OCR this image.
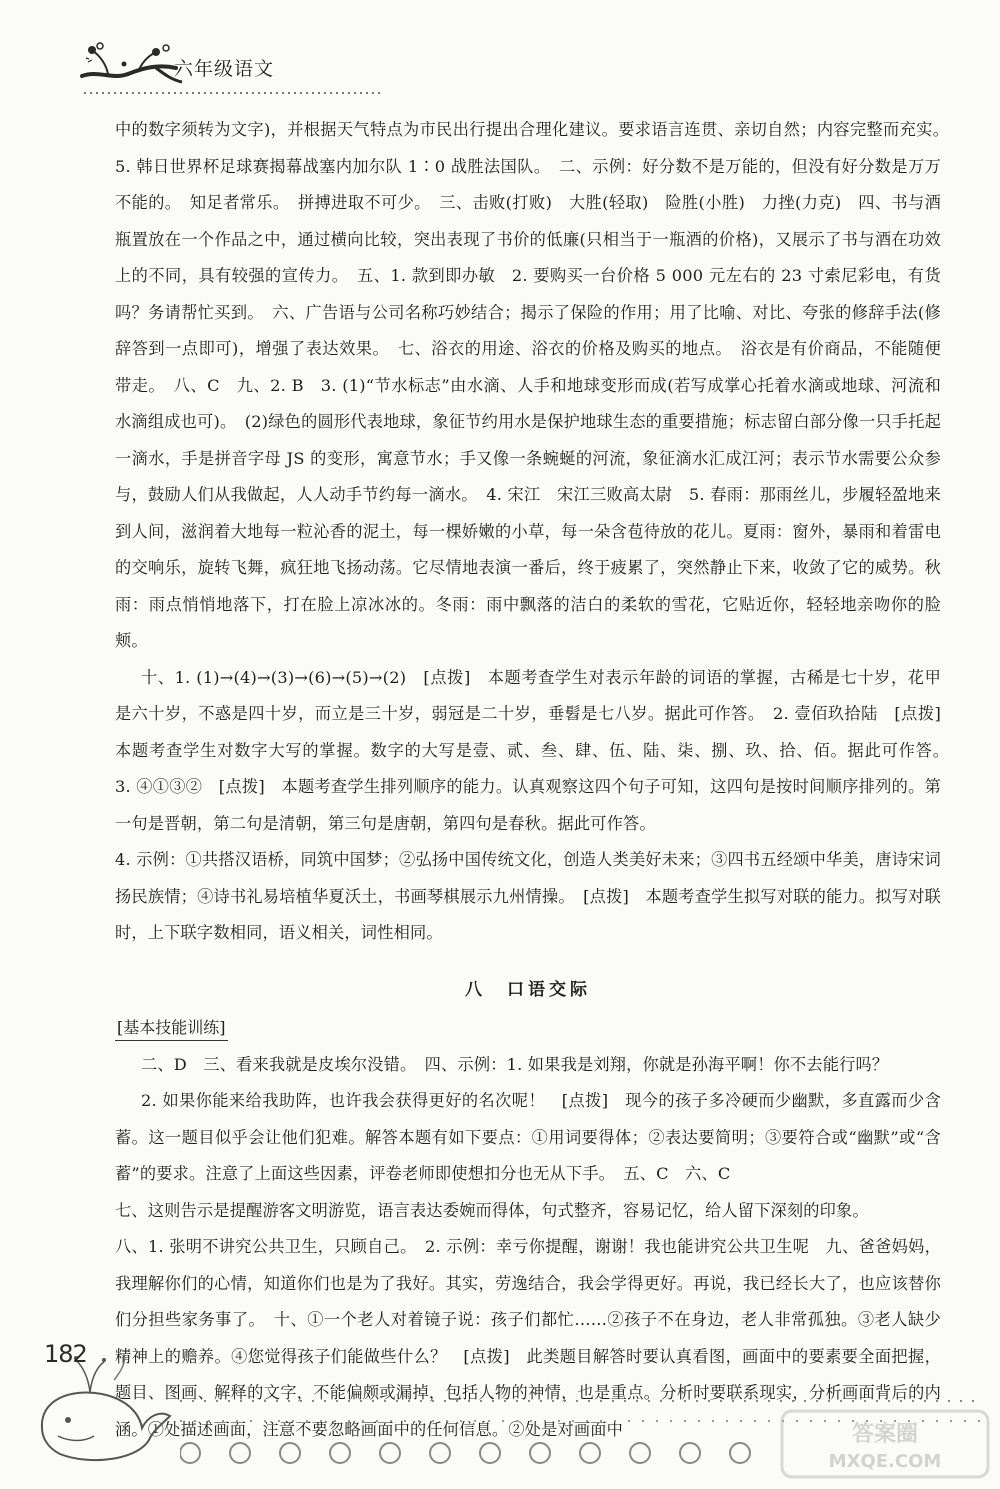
六年级语文

中的数字须转为文字)，并根据天气特点为市民出行提出合理化建议。要求语言连贯、亲切自然；内容完整而充实。　5. 韩日世界杯足球赛揭幕战塞内加尔队 1∶0 战胜法国队。　二、示例：好分数不是万能的，但没有好分数是万万不能的。　知足者常乐。　拼搏进取不可少。　三、击败(打败)　大胜(轻取)　险胜(小胜)　力挫(力克)　四、书与酒瓶置放在一个作品之中，通过横向比较，突出表现了书价的低廉(只相当于一瓶酒的价格)，又展示了书与酒在功效上的不同，具有较强的宣传力。　五、1. 款到即办敏　2. 要购买一台价格 5 000 元左右的 23 寸索尼彩电，有货吗？务请帮忙买到。　六、广告语与公司名称巧妙结合；揭示了保险的作用；用了比喻、对比、夸张的修辞手法(修辞答到一点即可)，增强了表达效果。　七、浴衣的用途、浴衣的价格及购买的地点。　浴衣是有价商品，不能随便带走。　八、C　九、2. B　3. (1)“节水标志”由水滴、人手和地球变形而成(若写成掌心托着水滴或地球、河流和水滴组成也可)。　(2)绿色的圆形代表地球，象征节约用水是保护地球生态的重要措施；标志留白部分像一只手托起一滴水，手是拼音字母 JS 的变形，寓意节水；手又像一条蜿蜒的河流，象征滴水汇成江河；表示节水需要公众参与，鼓励人们从我做起，人人动手节约每一滴水。　4. 宋江　宋江三败高太尉　5. 春雨：那雨丝儿，步履轻盈地来到人间，滋润着大地每一粒沁香的泥土，每一棵娇嫩的小草，每一朵含苞待放的花儿。夏雨：窗外，暴雨和着雷电的交响乐，旋转飞舞，疯狂地飞扬动荡。它尽情地表演一番后，终于疲累了，突然静止下来，收敛了它的威势。秋雨：雨点悄悄地落下，打在脸上凉冰冰的。冬雨：雨中飘落的洁白的柔软的雪花，它贴近你，轻轻地亲吻你的脸颊。

十、1. (1)→(4)→(3)→(6)→(5)→(2)　[点拨]　本题考查学生对表示年龄的词语的掌握，古稀是七十岁，花甲是六十岁，不惑是四十岁，而立是三十岁，弱冠是二十岁，垂髫是七八岁。据此可作答。　2. 壹佰玖拾陆　[点拨]　本题考查学生对数字大写的掌握。数字的大写是壹、贰、叁、肆、伍、陆、柒、捌、玖、拾、佰。据此可作答。　3. ④①③②　[点拨]　本题考查学生排列顺序的能力。认真观察这四个句子可知，这四句是按时间顺序排列的。第一句是晋朝，第二句是清朝，第三句是唐朝，第四句是春秋。据此可作答。

4. 示例：①共搭汉语桥，同筑中国梦；②弘扬中国传统文化，创造人类美好未来；③四书五经颂中华美，唐诗宋词扬民族情；④诗书礼易培植华夏沃土，书画琴棋展示九州情操。　[点拨]　本题考查学生拟写对联的能力。拟写对联时，上下联字数相同，语义相关，词性相同。

八　口语交际
[基本技能训练]

二、D　三、看来我就是皮埃尔没错。　四、示例：1. 如果我是刘翔，你就是孙海平啊！你不去能行吗？

2. 如果你能来给我助阵，也许我会获得更好的名次呢！　[点拨]　现今的孩子多冷硬而少幽默，多直露而少含蓄。这一题目似乎会让他们犯难。解答本题有如下要点：①用词要得体；②表达要简明；③要符合或“幽默”或“含蓄”的要求。注意了上面这些因素，评卷老师即使想扣分也无从下手。　五、C　六、C

七、这则告示是提醒游客文明游览，语言表达委婉而得体，句式整齐，容易记忆，给人留下深刻的印象。

八、1. 张明不讲究公共卫生，只顾自己。　2. 示例：幸亏你提醒，谢谢！我也能讲究公共卫生呢　九、爸爸妈妈，我理解你们的心情，知道你们也是为了我好。其实，劳逸结合，我会学得更好。再说，我已经长大了，也应该替你们分担些家务事了。　十、①一个老人对着镜子说：孩子们都忙……②孩子不在身边，老人非常孤独。③老人缺少精神上的赡养。④您觉得孩子们能做些什么？　[点拨]　此类题目解答时要认真看图，画面中的要素要全面把握，题目、图画、解释的文字，不能偏颇或漏掉，包括人物的神情，也是重点。分析时要联系现实，分析画面背后的内涵。①处描述画面，注意不要忽略画面中的任何信息。②处是对画面中

182
答案圈
MXQE.COM
